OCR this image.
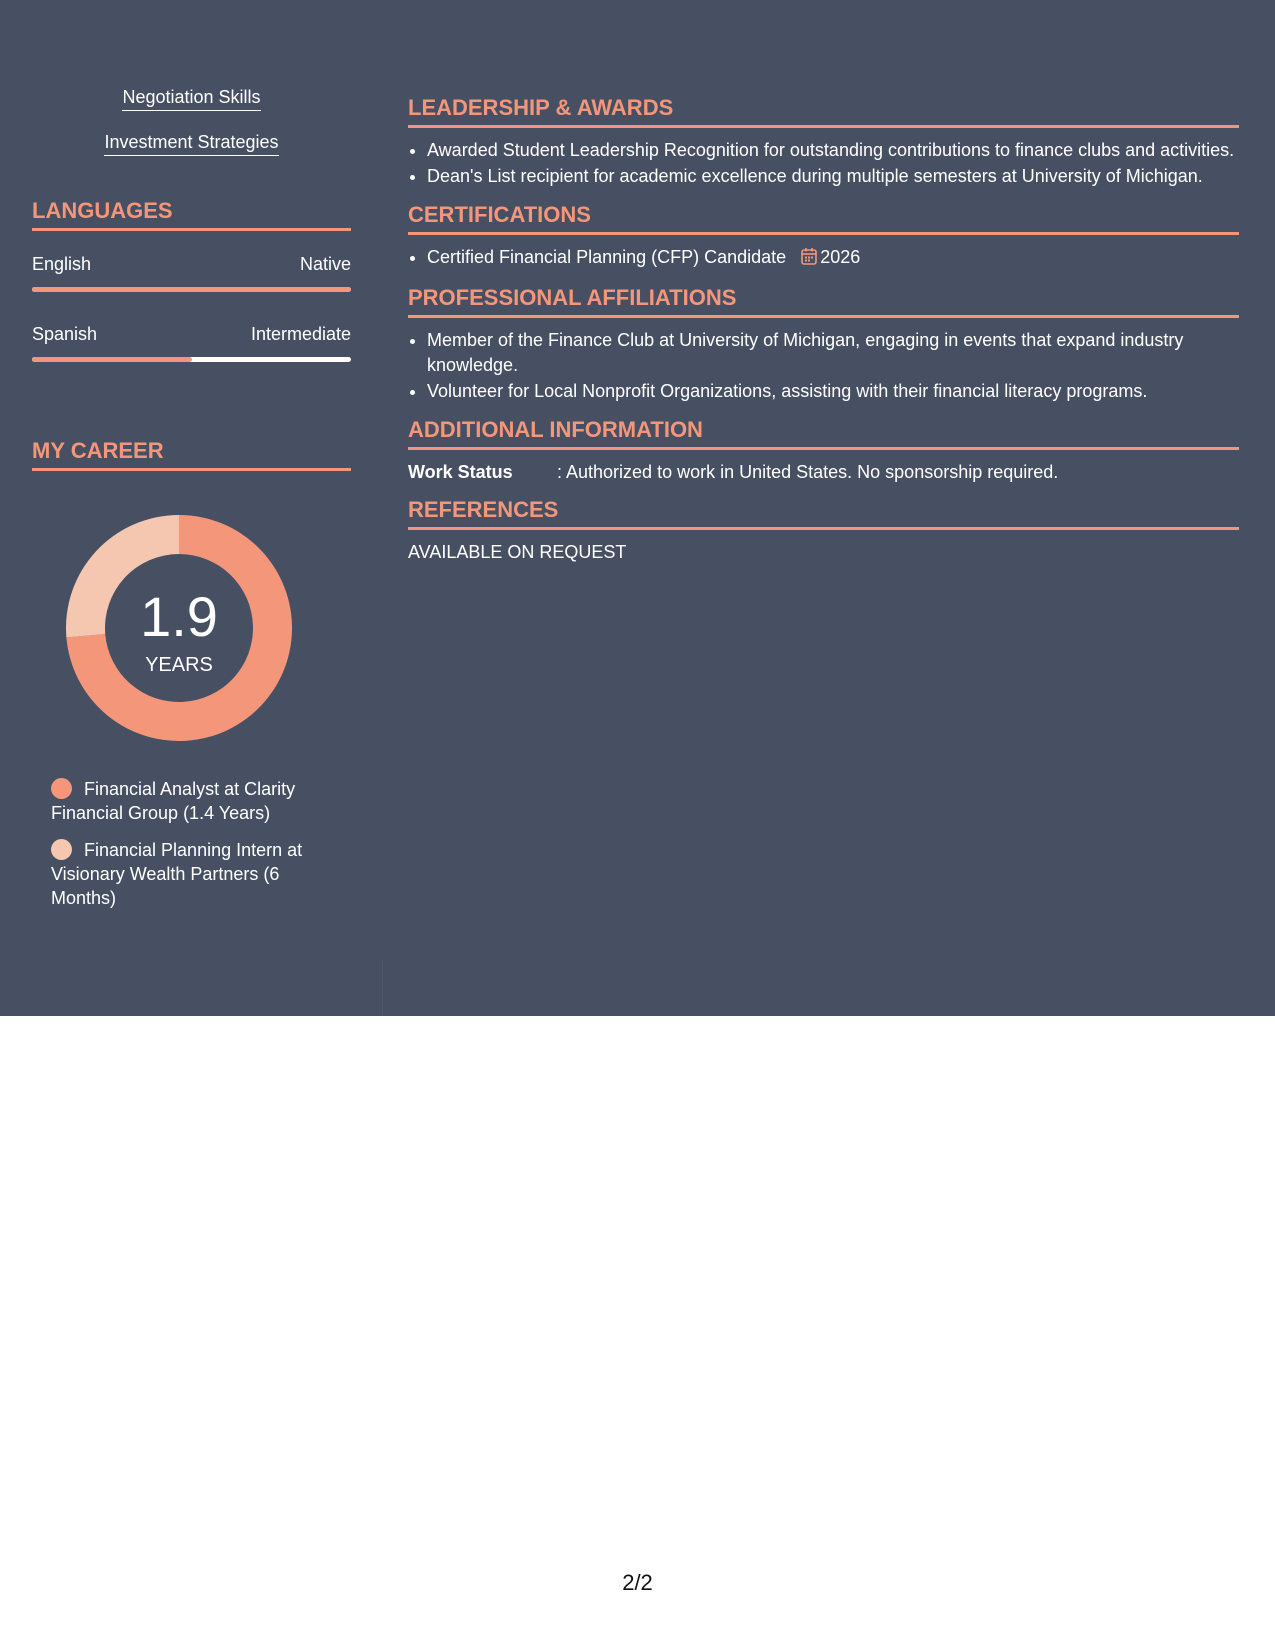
Negotiation Skills
Investment Strategies
LANGUAGES
English	Native
Spanish	Intermediate
MY CAREER
1.9
YEARS
Financial Analyst at Clarity Financial Group (1.4 Years)
Financial Planning Intern at Visionary Wealth Partners (6 Months)
LEADERSHIP & AWARDS
• Awarded Student Leadership Recognition for outstanding contributions to finance clubs and activities.
• Dean's List recipient for academic excellence during multiple semesters at University of Michigan.
CERTIFICATIONS
• Certified Financial Planning (CFP) Candidate 2026
PROFESSIONAL AFFILIATIONS
• Member of the Finance Club at University of Michigan, engaging in events that expand industry knowledge.
• Volunteer for Local Nonprofit Organizations, assisting with their financial literacy programs.
ADDITIONAL INFORMATION
Work Status : Authorized to work in United States. No sponsorship required.
REFERENCES
AVAILABLE ON REQUEST
2/2
